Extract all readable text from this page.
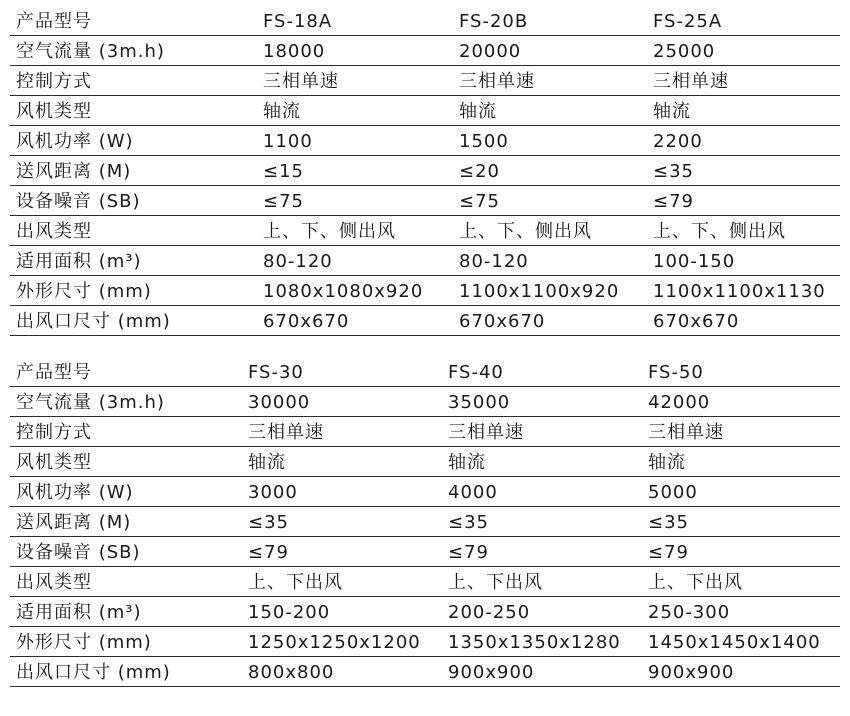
产品型号	FS-18A	FS-20B	FS-25A
空气流量 (3m.h)	18000	20000	25000
控制方式	三相单速	三相单速	三相单速
风机类型	轴流	轴流	轴流
风机功率 (W)	1100	1500	2200
送风距离 (M)	≤15	≤20	≤35
设备噪音 (SB)	≤75	≤75	≤79
出风类型	上、下、侧出风	上、下、侧出风	上、下、侧出风
适用面积 (m³)	80-120	80-120	100-150
外形尺寸 (mm)	1080x1080x920	1100x1100x920	1100x1100x1130
出风口尺寸 (mm)	670x670	670x670	670x670
产品型号	FS-30	FS-40	FS-50
空气流量 (3m.h)	30000	35000	42000
控制方式	三相单速	三相单速	三相单速
风机类型	轴流	轴流	轴流
风机功率 (W)	3000	4000	5000
送风距离 (M)	≤35	≤35	≤35
设备噪音 (SB)	≤79	≤79	≤79
出风类型	上、下出风	上、下出风	上、下出风
适用面积 (m³)	150-200	200-250	250-300
外形尺寸 (mm)	1250x1250x1200	1350x1350x1280	1450x1450x1400
出风口尺寸 (mm)	800x800	900x900	900x900
